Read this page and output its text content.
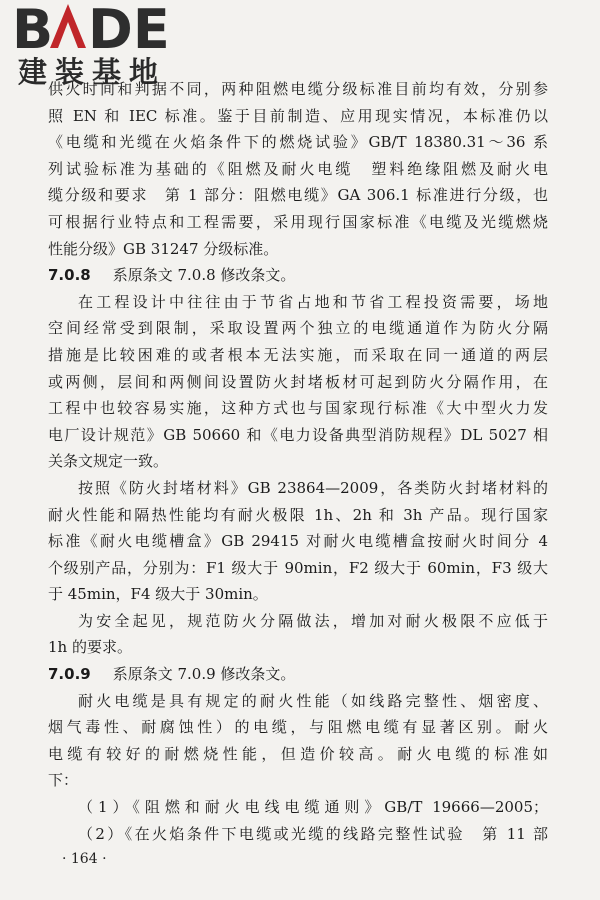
B DE
建装基地
供火时间和判据不同，两种阻燃电缆分级标准目前均有效，分别参
照 EN 和 IEC 标准。鉴于目前制造、应用现实情况，本标准仍以
《电缆和光缆在火焰条件下的燃烧试验》GB/T 18380.31～36 系
列试验标准为基础的《阻燃及耐火电缆　塑料绝缘阻燃及耐火电
缆分级和要求　第 1 部分：阻燃电缆》GA 306.1 标准进行分级，也
可根据行业特点和工程需要，采用现行国家标准《电缆及光缆燃烧
性能分级》GB 31247 分级标准。
7.0.8 系原条文 7.0.8 修改条文。
在工程设计中往往由于节省占地和节省工程投资需要，场地
空间经常受到限制，采取设置两个独立的电缆通道作为防火分隔
措施是比较困难的或者根本无法实施，而采取在同一通道的两层
或两侧，层间和两侧间设置防火封堵板材可起到防火分隔作用，在
工程中也较容易实施，这种方式也与国家现行标准《大中型火力发
电厂设计规范》GB 50660 和《电力设备典型消防规程》DL 5027 相
关条文规定一致。
按照《防火封堵材料》GB 23864—2009，各类防火封堵材料的
耐火性能和隔热性能均有耐火极限 1h、2h 和 3h 产品。现行国家
标准《耐火电缆槽盒》GB 29415 对耐火电缆槽盒按耐火时间分 4
个级别产品，分别为：F1 级大于 90min，F2 级大于 60min，F3 级大
于 45min，F4 级大于 30min。
为安全起见，规范防火分隔做法，增加对耐火极限不应低于
1h 的要求。
7.0.9 系原条文 7.0.9 修改条文。
耐火电缆是具有规定的耐火性能（如线路完整性、烟密度、
烟气毒性、耐腐蚀性）的电缆，与阻燃电缆有显著区别。耐火
电缆有较好的耐燃烧性能，但造价较高。耐火电缆的标准如
下：
（1）《阻燃和耐火电线电缆通则》GB/T 19666—2005；
（2）《在火焰条件下电缆或光缆的线路完整性试验　第 11 部
· 164 ·
